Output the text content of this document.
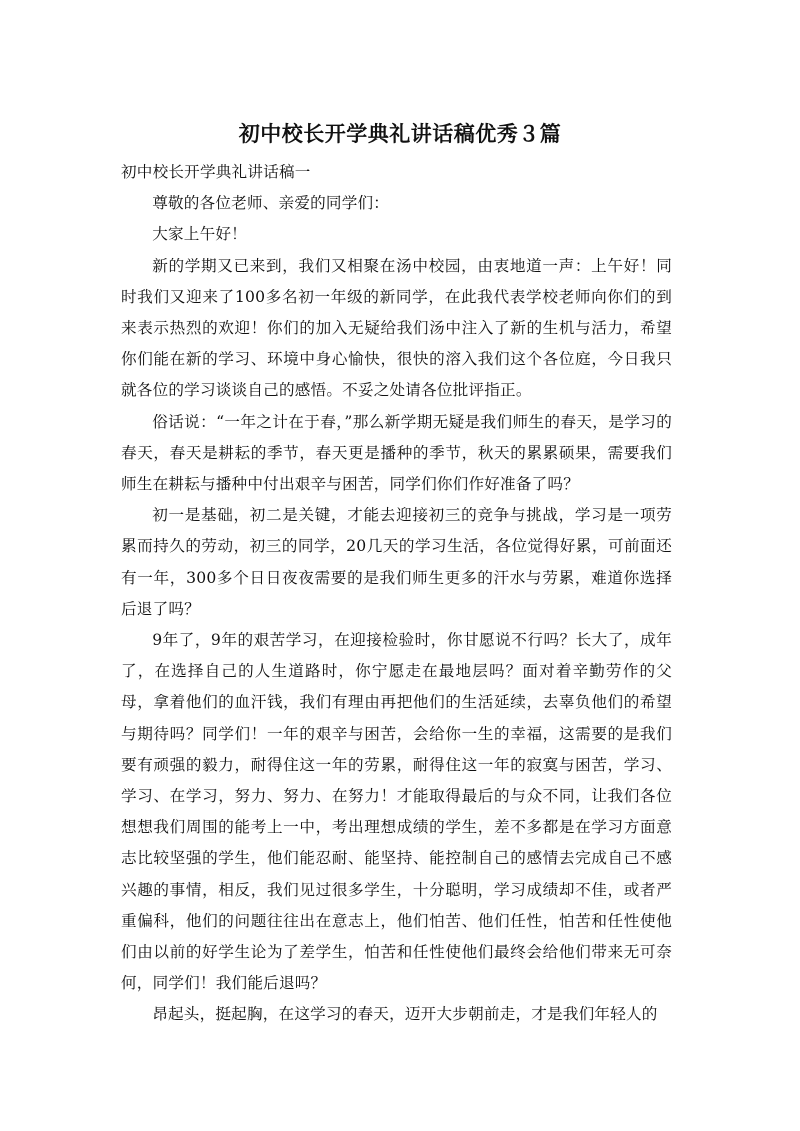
初中校长开学典礼讲话稿优秀３篇
初中校长开学典礼讲话稿一

尊敬的各位老师、亲爱的同学们：

大家上午好！

新的学期又已来到，我们又相聚在汤中校园，由衷地道一声：上午好！同时我们又迎来了100多名初一年级的新同学，在此我代表学校老师向你们的到来表示热烈的欢迎！你们的加入无疑给我们汤中注入了新的生机与活力，希望你们能在新的学习、环境中身心愉快，很快的溶入我们这个各位庭，今日我只就各位的学习谈谈自己的感悟。不妥之处请各位批评指正。

俗话说：“一年之计在于春，”那么新学期无疑是我们师生的春天，是学习的春天，春天是耕耘的季节，春天更是播种的季节，秋天的累累硕果，需要我们师生在耕耘与播种中付出艰辛与困苦，同学们你们作好准备了吗？

初一是基础，初二是关键，才能去迎接初三的竞争与挑战，学习是一项劳累而持久的劳动，初三的同学，20几天的学习生活，各位觉得好累，可前面还有一年，300多个日日夜夜需要的是我们师生更多的汗水与劳累，难道你选择后退了吗？

9年了，9年的艰苦学习，在迎接检验时，你甘愿说不行吗？长大了，成年了，在选择自己的人生道路时，你宁愿走在最地层吗？面对着辛勤劳作的父母，拿着他们的血汗钱，我们有理由再把他们的生活延续，去辜负他们的希望与期待吗？同学们！一年的艰辛与困苦，会给你一生的幸福，这需要的是我们要有顽强的毅力，耐得住这一年的劳累，耐得住这一年的寂寞与困苦，学习、学习、在学习，努力、努力、在努力！才能取得最后的与众不同，让我们各位想想我们周围的能考上一中，考出理想成绩的学生，差不多都是在学习方面意志比较坚强的学生，他们能忍耐、能坚持、能控制自己的感情去完成自己不感兴趣的事情，相反，我们见过很多学生，十分聪明，学习成绩却不佳，或者严重偏科，他们的问题往往出在意志上，他们怕苦、他们任性，怕苦和任性使他们由以前的好学生论为了差学生，怕苦和任性使他们最终会给他们带来无可奈何，同学们！我们能后退吗？

昂起头，挺起胸，在这学习的春天，迈开大步朝前走，才是我们年轻人的
